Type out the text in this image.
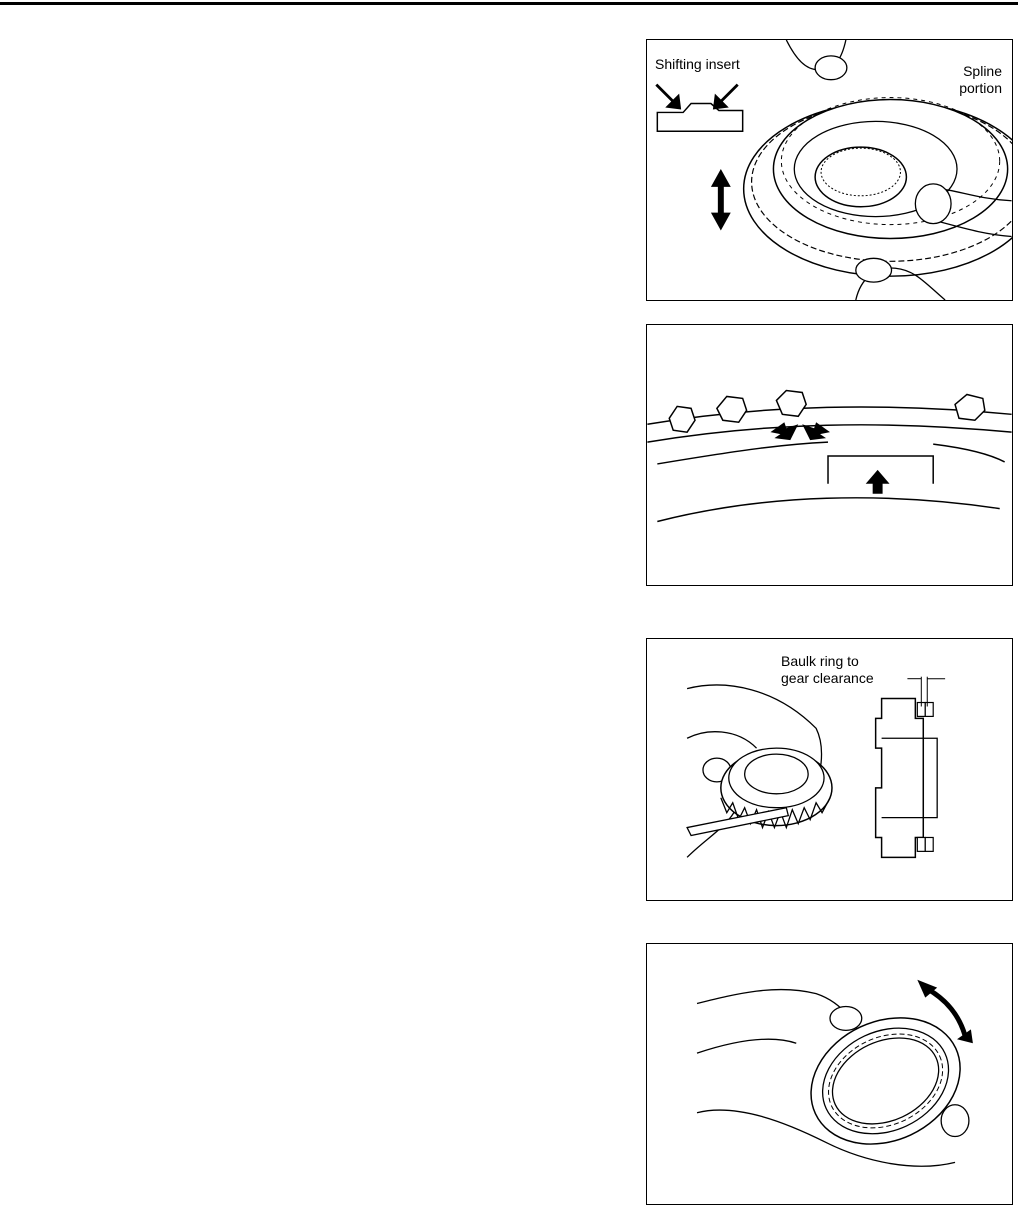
Shifting insert	Spline
portion
Baulk ring to
gear clearance
